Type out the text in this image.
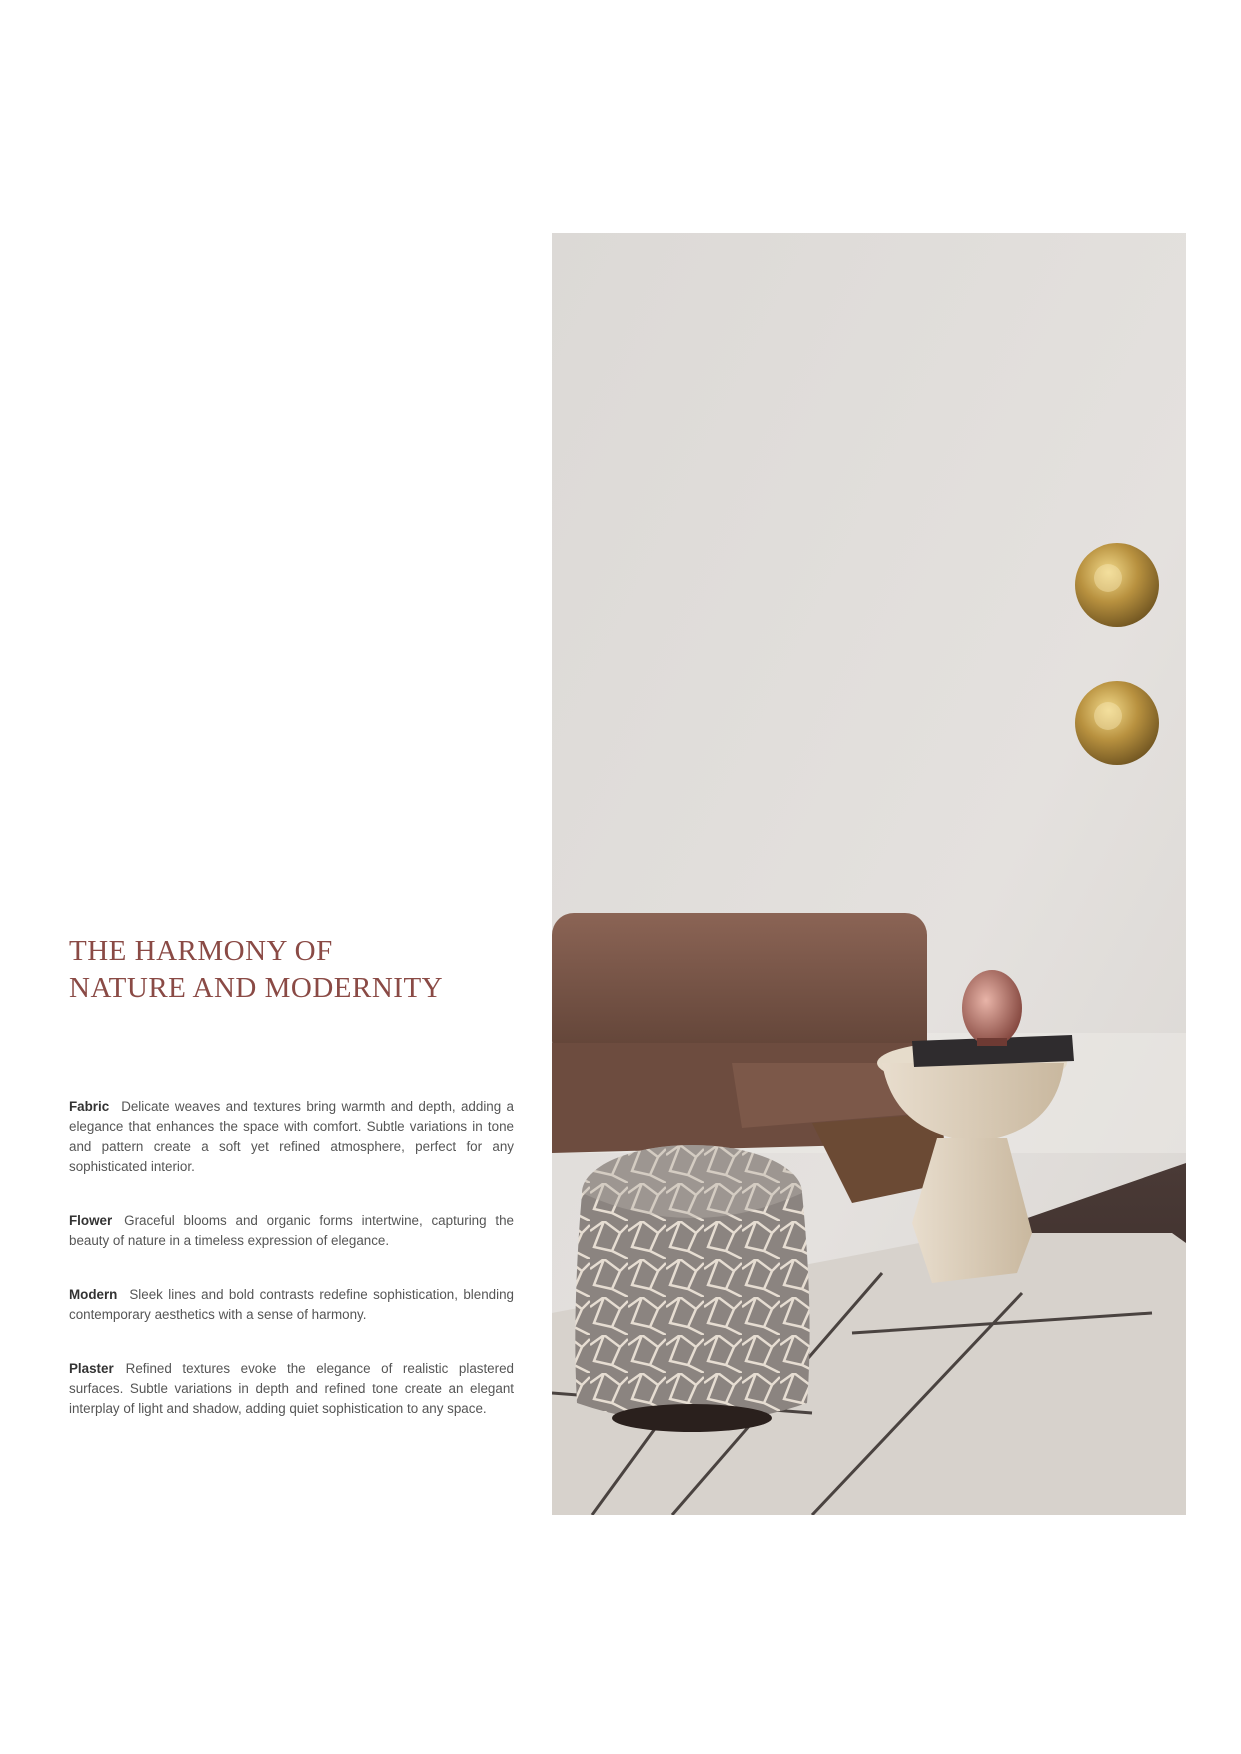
THE HARMONY OF
NATURE AND MODERNITY

Fabric Delicate weaves and textures bring warmth and depth, adding a elegance that enhances the space with comfort. Subtle variations in tone and pattern create a soft yet refined atmosphere, perfect for any sophisticated interior.

Flower Graceful blooms and organic forms intertwine, capturing the beauty of nature in a timeless expression of elegance.

Modern Sleek lines and bold contrasts redefine sophistication, blending contemporary aesthetics with a sense of harmony.

Plaster Refined textures evoke the elegance of realistic plastered surfaces. Subtle variations in depth and refined tone create an elegant interplay of light and shadow, adding quiet sophistication to any space.
